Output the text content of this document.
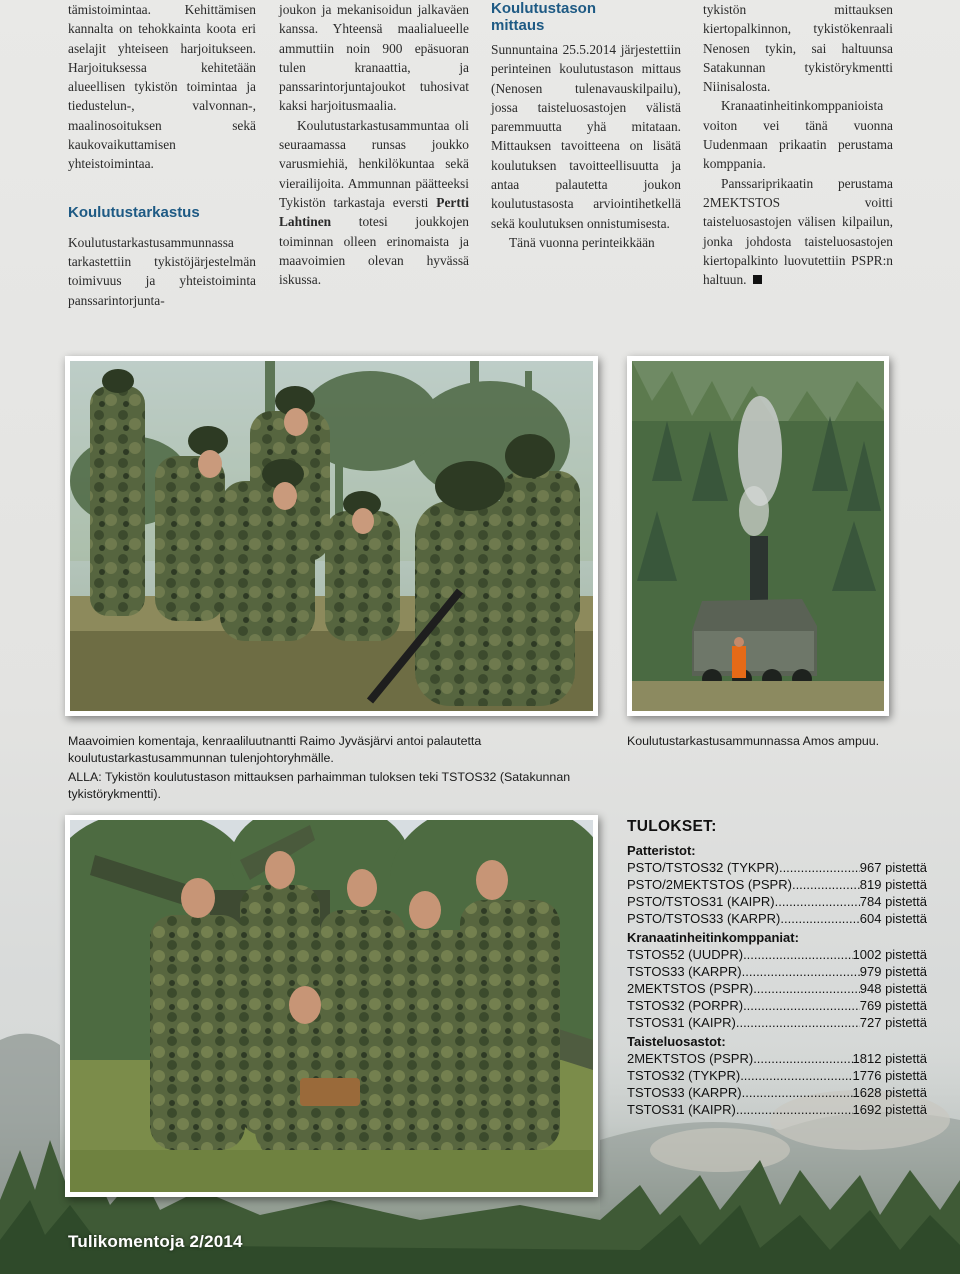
tämistoimintaa. Kehittämisen kannalta on tehokkainta koota eri aselajit yhteiseen harjoitukseen. Harjoituksessa kehitetään alueellisen tykistön toimintaa ja tiedustelun-, valvonnan-, maalinosoituksen sekä kaukovaikuttamisen yhteistoimintaa.

Koulutustarkastus

Koulutustarkastusammunnassa tarkastettiin tykistöjärjestelmän toimivuus ja yhteistoiminta panssarintorjunta-

joukon ja mekanisoidun jalkaväen kanssa. Yhteensä maalialueelle ammuttiin noin 900 epäsuoran tulen kranaattia, ja panssarintorjuntajoukot tuhosivat kaksi harjoitusmaalia.

Koulutustarkastusammuntaa oli seuraamassa runsas joukko varusmiehiä, henkilökuntaa sekä vierailijoita. Ammunnan päätteeksi Tykistön tarkastaja eversti Pertti Lahtinen totesi joukkojen toiminnan olleen erinomaista ja maavoimien olevan hyvässä iskussa.

Koulutustason mittaus

Sunnuntaina 25.5.2014 järjestettiin perinteinen koulutustason mittaus (Nenosen tulenavauskilpailu), jossa taisteluosastojen välistä paremmuutta yhä mitataan. Mittauksen tavoitteena on lisätä koulutuksen tavoitteellisuutta ja antaa palautetta joukon koulutustasosta arviointihetkellä sekä koulutuksen onnistumisesta.

Tänä vuonna perinteikkään

tykistön mittauksen kiertopalkinnon, tykistökenraali Nenosen tykin, sai haltuunsa Satakunnan tykistörykmentti Niinisalosta.

Kranaatinheitinkomppanioista voiton vei tänä vuonna Uudenmaan prikaatin perustama komppania.

Panssariprikaatin perustama 2MEKTSTOS voitti taisteluosastojen välisen kilpailun, jonka johdosta taisteluosastojen kiertopalkinto luovutettiin PSPR:n haltuun.

Maavoimien komentaja, kenraaliluutnantti Raimo Jyväsjärvi antoi palautetta koulutustarkastusammunnan tulenjohtoryhmälle.
ALLA: Tykistön koulutustason mittauksen parhaimman tuloksen teki TSTOS32 (Satakunnan tykistörykmentti).
Koulutustarkastusammunnassa Amos ampuu.
TULOKSET:
Patteristot:
PSTO/TSTOS32 (TYKPR) .....	967 pistettä
PSTO/2MEKTSTOS (PSPR) .....	819 pistettä
PSTO/TSTOS31 (KAIPR) .....	784 pistettä
PSTO/TSTOS33 (KARPR) .....	604 pistettä
Kranaatinheitinkomppaniat:
TSTOS52 (UUDPR) .....	1002 pistettä
TSTOS33 (KARPR) .....	979 pistettä
2MEKTSTOS (PSPR) .....	948 pistettä
TSTOS32 (PORPR) .....	769 pistettä
TSTOS31 (KAIPR) .....	727 pistettä
Taisteluosastot:
2MEKTSTOS (PSPR) .....	1812 pistettä
TSTOS32 (TYKPR) .....	1776 pistettä
TSTOS33 (KARPR) .....	1628 pistettä
TSTOS31 (KAIPR) .....	1692 pistettä
Tulikomentoja 2/2014
